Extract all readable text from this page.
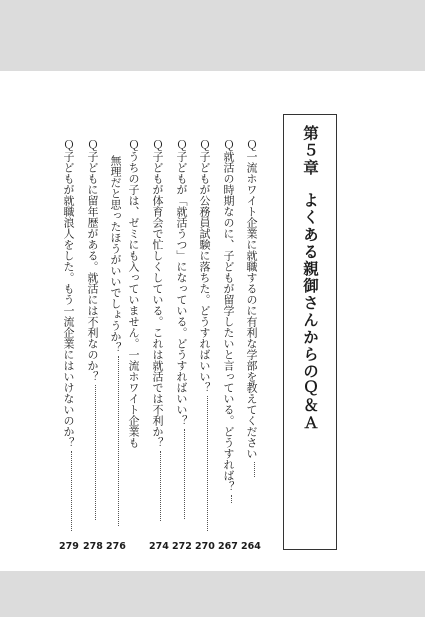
第５章
よくある親御さんからのＱ＆Ａ
Ｑ一流ホワイト企業に就職するのに有利な学部を教えてください
264
Ｑ就活の時期なのに、子どもが留学したいと言っている。どうすれば？
267
Ｑ子どもが公務員試験に落ちた。どうすればいい？
270
Ｑ子どもが「就活うつ」になっている。どうすればいい？
272
Ｑ子どもが体育会で忙しくしている。これは就活では不利か？
274
Ｑうちの子は、ゼミにも入っていません。一流ホワイト企業も
無理だと思ったほうがいいでしょうか？
276
Ｑ子どもに留年歴がある。就活には不利なのか？
278
Ｑ子どもが就職浪人をした。もう一流企業にはいけないのか？
279
